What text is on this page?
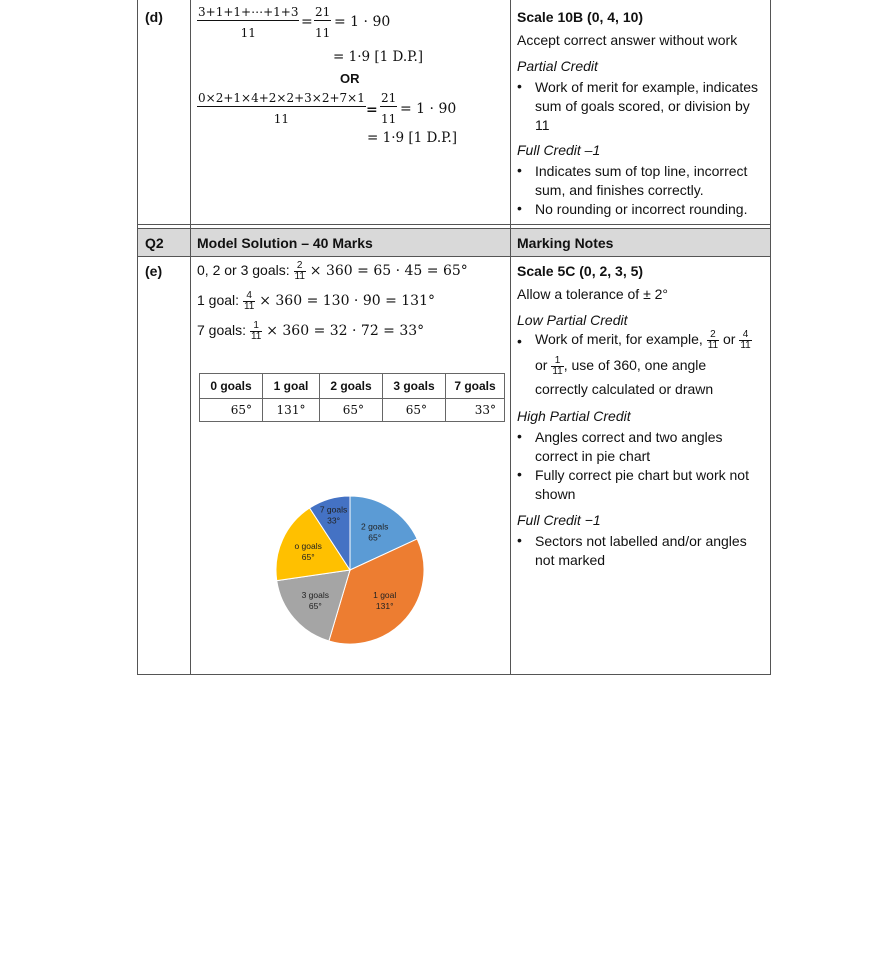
(d)	$\frac{3+1+1+\cdots+1+3}{11} = \frac{21}{11} = 1$ · 9̇0̇
= 1·9 [1 D.P.]
OR
$\frac{0\times 2+1\times 4+2\times 2+3\times 2+7\times 1}{11} = \frac{21}{11} = 1$ · 9̇0̇
= 1·9 [1 D.P.]
Scale 10B (0, 4, 10)
Accept correct answer without work
Partial Credit
• Work of merit for example, indicates sum of goals scored, or division by 11
Full Credit –1
• Indicates sum of top line, incorrect sum, and finishes correctly.
• No rounding or incorrect rounding.
Q2 Model Solution – 40 Marks	Marking Notes
(e) 0, 2 or 3 goals: $\frac{2}{11} \times 360 = 65$ · 4̇5̇ = 65°
1 goal: $\frac{4}{11} \times 360 = 130$ · 9̇0̇ = 131°
7 goals: $\frac{1}{11} \times 360 = 32$ · 7̇2̇ = 33°
0 goals	1 goal	2 goals	3 goals	7 goals
65°	131°	65°	65°	33°
2 goals
65°
1 goal
131°
3 goals
65°
o goals
65°
7 goals
33°
Scale 5C (0, 2, 3, 5)
Allow a tolerance of ± 2°
Low Partial Credit
• Work of merit, for example, $\frac{2}{11}$ or $\frac{4}{11}$
or $\frac{1}{11}$ , use of 360, one angle
correctly calculated or drawn
High Partial Credit
• Angles correct and two angles correct in pie chart
• Fully correct pie chart but work not shown
Full Credit −1
• Sectors not labelled and/or angles not marked
